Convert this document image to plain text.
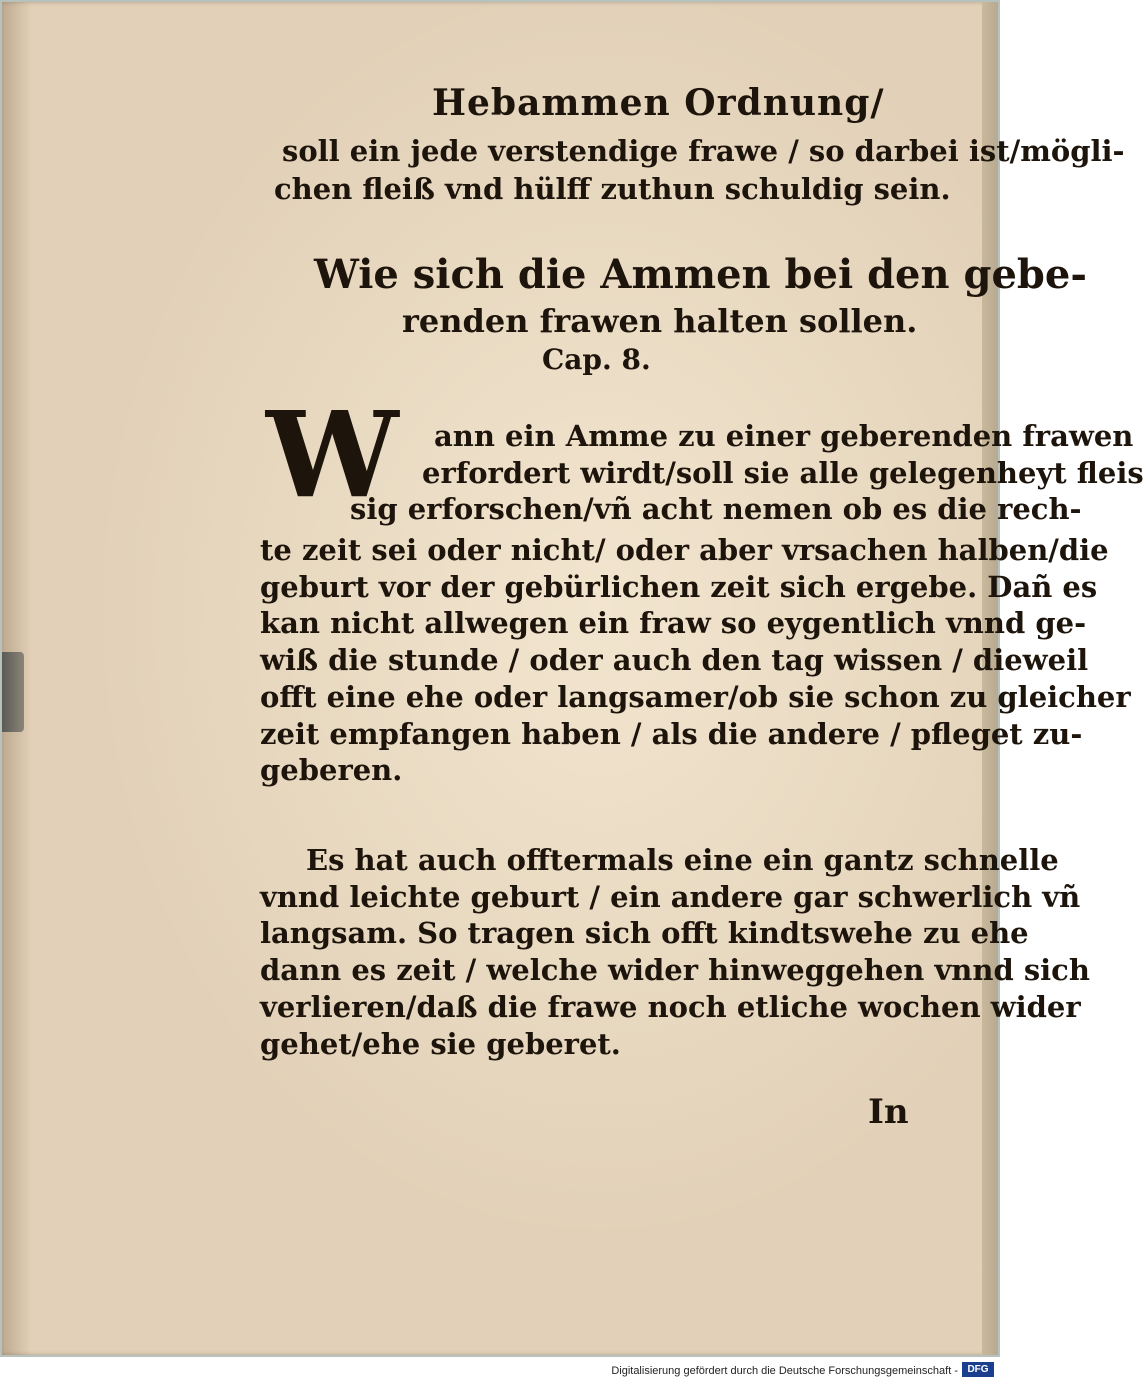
Hebammen Ordnung/
soll ein jede verstendige frawe / so darbei ist/mögli-
chen fleiß vnd hülff zuthun schuldig sein.
Wie sich die Ammen bei den gebe-
renden frawen halten sollen.
Cap. 8.
W ann ein Amme zu einer geberenden frawen
erfordert wirdt/soll sie alle gelegenheyt fleis
sig erforschen/vñ acht nemen ob es die rech-
te zeit sei oder nicht/ oder aber vrsachen halben/die
geburt vor der gebürlichen zeit sich ergebe. Dañ es
kan nicht allwegen ein fraw so eygentlich vnnd ge-
wiß die stunde / oder auch den tag wissen / dieweil
offt eine ehe oder langsamer/ob sie schon zu gleicher
zeit empfangen haben / als die andere / pfleget zu-
geberen.
Es hat auch offtermals eine ein gantz schnelle
vnnd leichte geburt / ein andere gar schwerlich vñ
langsam. So tragen sich offt kindtswehe zu ehe
dann es zeit / welche wider hinweggehen vnnd sich
verlieren/daß die frawe noch etliche wochen wider
gehet/ehe sie geberet.
In
Digitalisierung gefördert durch die Deutsche Forschungsgemeinschaft - DFG
